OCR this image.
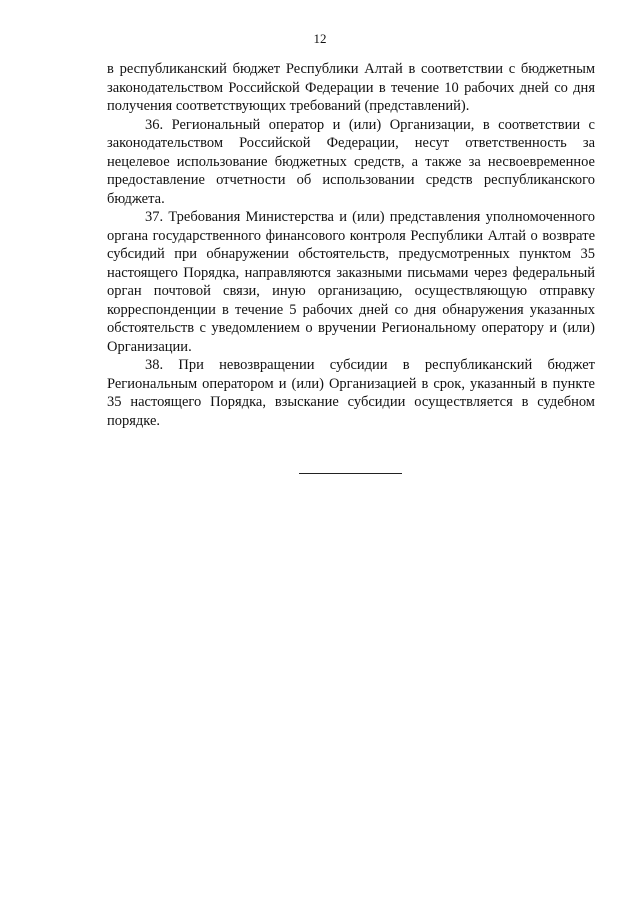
12

в республиканский бюджет Республики Алтай в соответствии с бюджетным законодательством Российской Федерации в течение 10 рабочих дней со дня получения соответствующих требований (представлений).

36. Региональный оператор и (или) Организации, в соответствии с законодательством Российской Федерации, несут ответственность за нецелевое использование бюджетных средств, а также за несвоевременное предоставление отчетности об использовании средств республиканского бюджета.

37. Требования Министерства и (или) представления уполномоченного органа государственного финансового контроля Республики Алтай о возврате субсидий при обнаружении обстоятельств, предусмотренных пунктом 35 настоящего Порядка, направляются заказными письмами через федеральный орган почтовой связи, иную организацию, осуществляющую отправку корреспонденции в течение 5 рабочих дней со дня обнаружения указанных обстоятельств с уведомлением о вручении Региональному оператору и (или) Организации.

38. При невозвращении субсидии в республиканский бюджет Региональным оператором и (или) Организацией в срок, указанный в пункте 35 настоящего Порядка, взыскание субсидии осуществляется в судебном порядке.
